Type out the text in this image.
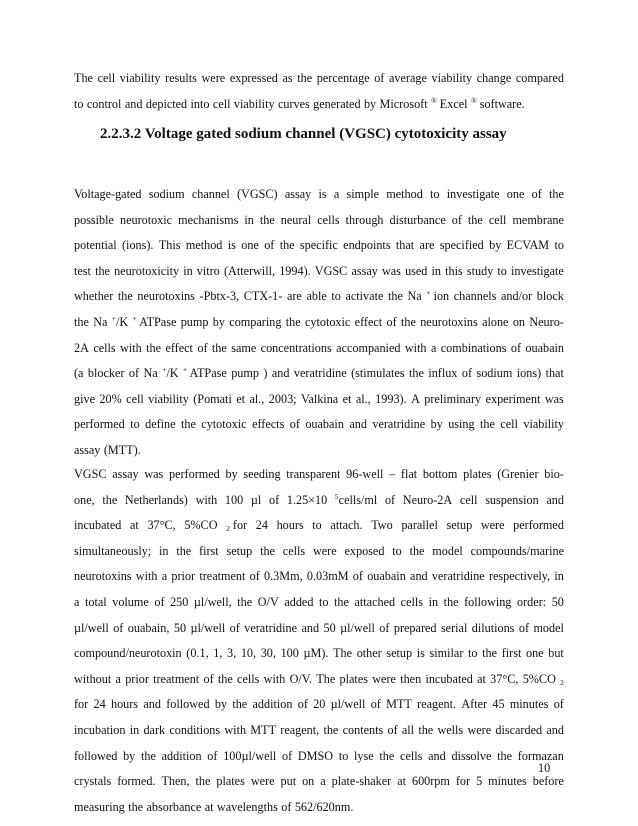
The cell viability results were expressed as the percentage of average viability change compared
to control and depicted into cell viability curves generated by Microsoft ® Excel ® software.
2.2.3.2 Voltage gated sodium channel (VGSC) cytotoxicity assay
Voltage-gated sodium channel (VGSC) assay is a simple method to investigate one of the
possible neurotoxic mechanisms in the neural cells through disturbance of the cell membrane
potential (ions). This method is one of the specific endpoints that are specified by ECVAM to
test the neurotoxicity in vitro (Atterwill, 1994). VGSC assay was used in this study to investigate
whether the neurotoxins -Pbtx-3, CTX-1- are able to activate the Na + ion channels and/or block
the Na +/K + ATPase pump by comparing the cytotoxic effect of the neurotoxins alone on Neuro-
2A cells with the effect of the same concentrations accompanied with a combinations of ouabain
(a blocker of Na +/K + ATPase pump ) and veratridine (stimulates the influx of sodium ions) that
give 20% cell viability (Pomati et al., 2003; Valkina et al., 1993). A preliminary experiment was
performed to define the cytotoxic effects of ouabain and veratridine by using the cell viability
assay (MTT).
VGSC assay was performed by seeding transparent 96-well – flat bottom plates (Grenier bio-
one, the Netherlands) with 100 µl of 1.25×10 $^5$cells/ml of Neuro-2A cell suspension and
incubated at 37°C, 5%CO $_2$ for 24 hours to attach. Two parallel setup were performed
simultaneously; in the first setup the cells were exposed to the model compounds/marine
neurotoxins with a prior treatment of 0.3Mm, 0.03mM of ouabain and veratridine respectively, in
a total volume of 250 µl/well, the O/V added to the attached cells in the following order: 50
µl/well of ouabain, 50 µl/well of veratridine and 50 µl/well of prepared serial dilutions of model
compound/neurotoxin (0.1, 1, 3, 10, 30, 100 µM). The other setup is similar to the first one but
without a prior treatment of the cells with O/V. The plates were then incubated at 37°C, 5%CO $_2$
for 24 hours and followed by the addition of 20 µl/well of MTT reagent. After 45 minutes of
incubation in dark conditions with MTT reagent, the contents of all the wells were discarded and
followed by the addition of 100µl/well of DMSO to lyse the cells and dissolve the formazan
crystals formed. Then, the plates were put on a plate-shaker at 600rpm for 5 minutes before
measuring the absorbance at wavelengths of 562/620nm.
10
